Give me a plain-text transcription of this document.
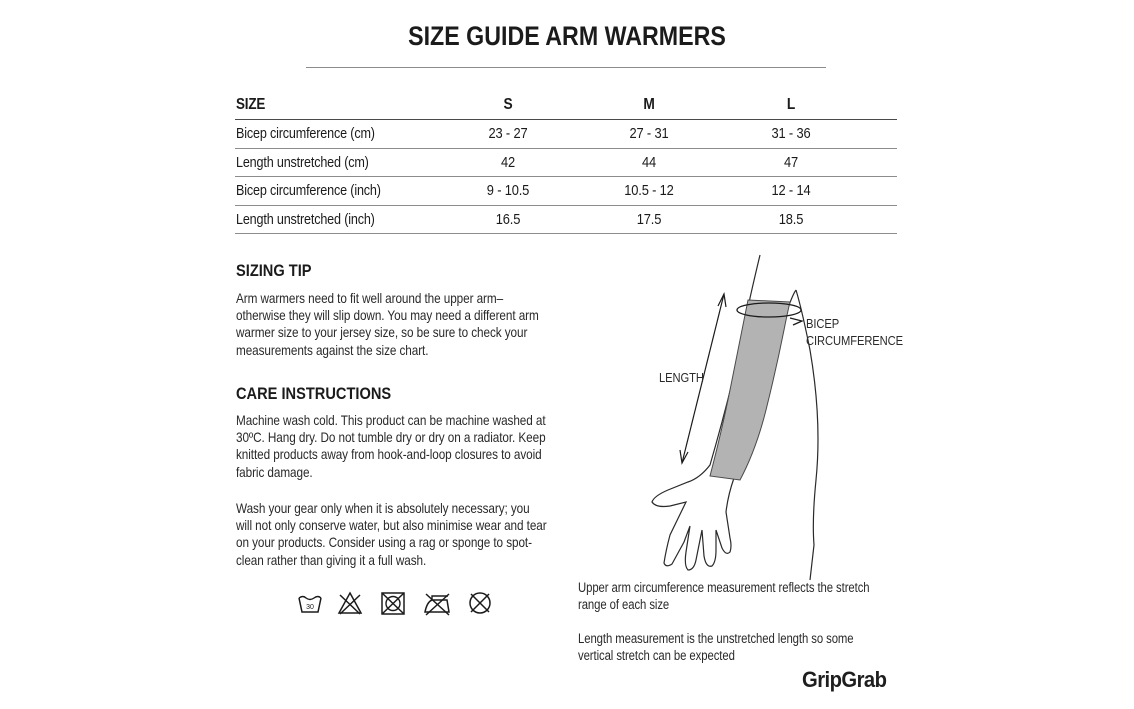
SIZE GUIDE ARM WARMERS
SIZE	S	M	L
Bicep circumference (cm)	23 - 27	27 - 31	31 - 36
Length unstretched (cm)	42	44	47
Bicep circumference (inch)	9 - 10.5	10.5 - 12	12 - 14
Length unstretched (inch)	16.5	17.5	18.5
SIZING TIP
Arm warmers need to fit well around the upper arm–otherwise they will slip down. You may need a different arm warmer size to your jersey size, so be sure to check your measurements against the size chart.
CARE INSTRUCTIONS
Machine wash cold. This product can be machine washed at 30ºC. Hang dry. Do not tumble dry or dry on a radiator. Keep knitted products away from hook-and-loop closures to avoid fabric damage.
Wash your gear only when it is absolutely necessary; you will not only conserve water, but also minimise wear and tear on your products. Consider using a rag or sponge to spot-clean rather than giving it a full wash.
30
LENGTH
BICEP
CIRCUMFERENCE
Upper arm circumference measurement reflects the stretch range of each size
Length measurement is the unstretched length so some vertical stretch can be expected
GripGrab
